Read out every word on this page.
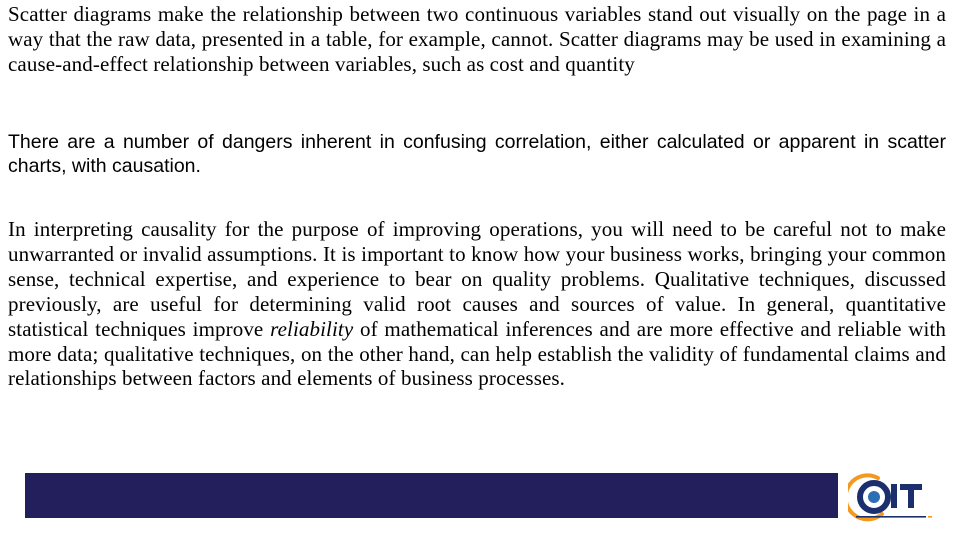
Scatter diagrams make the relationship between two continuous variables stand out visually on the page in a way that the raw data, presented in a table, for example, cannot. Scatter diagrams may be used in examining a cause-and-effect relationship between variables, such as cost and quantity

There are a number of dangers inherent in confusing correlation, either calculated or apparent in scatter charts, with causation.

In interpreting causality for the purpose of improving operations, you will need to be careful not to make unwarranted or invalid assumptions. It is important to know how your business works, bringing your common sense, technical expertise, and experience to bear on quality problems. Qualitative techniques, discussed previously, are useful for determining valid root causes and sources of value. In general, quantitative statistical techniques improve reliability of mathematical inferences and are more effective and reliable with more data; qualitative techniques, on the other hand, can help establish the validity of fundamental claims and relationships between factors and elements of business processes.
